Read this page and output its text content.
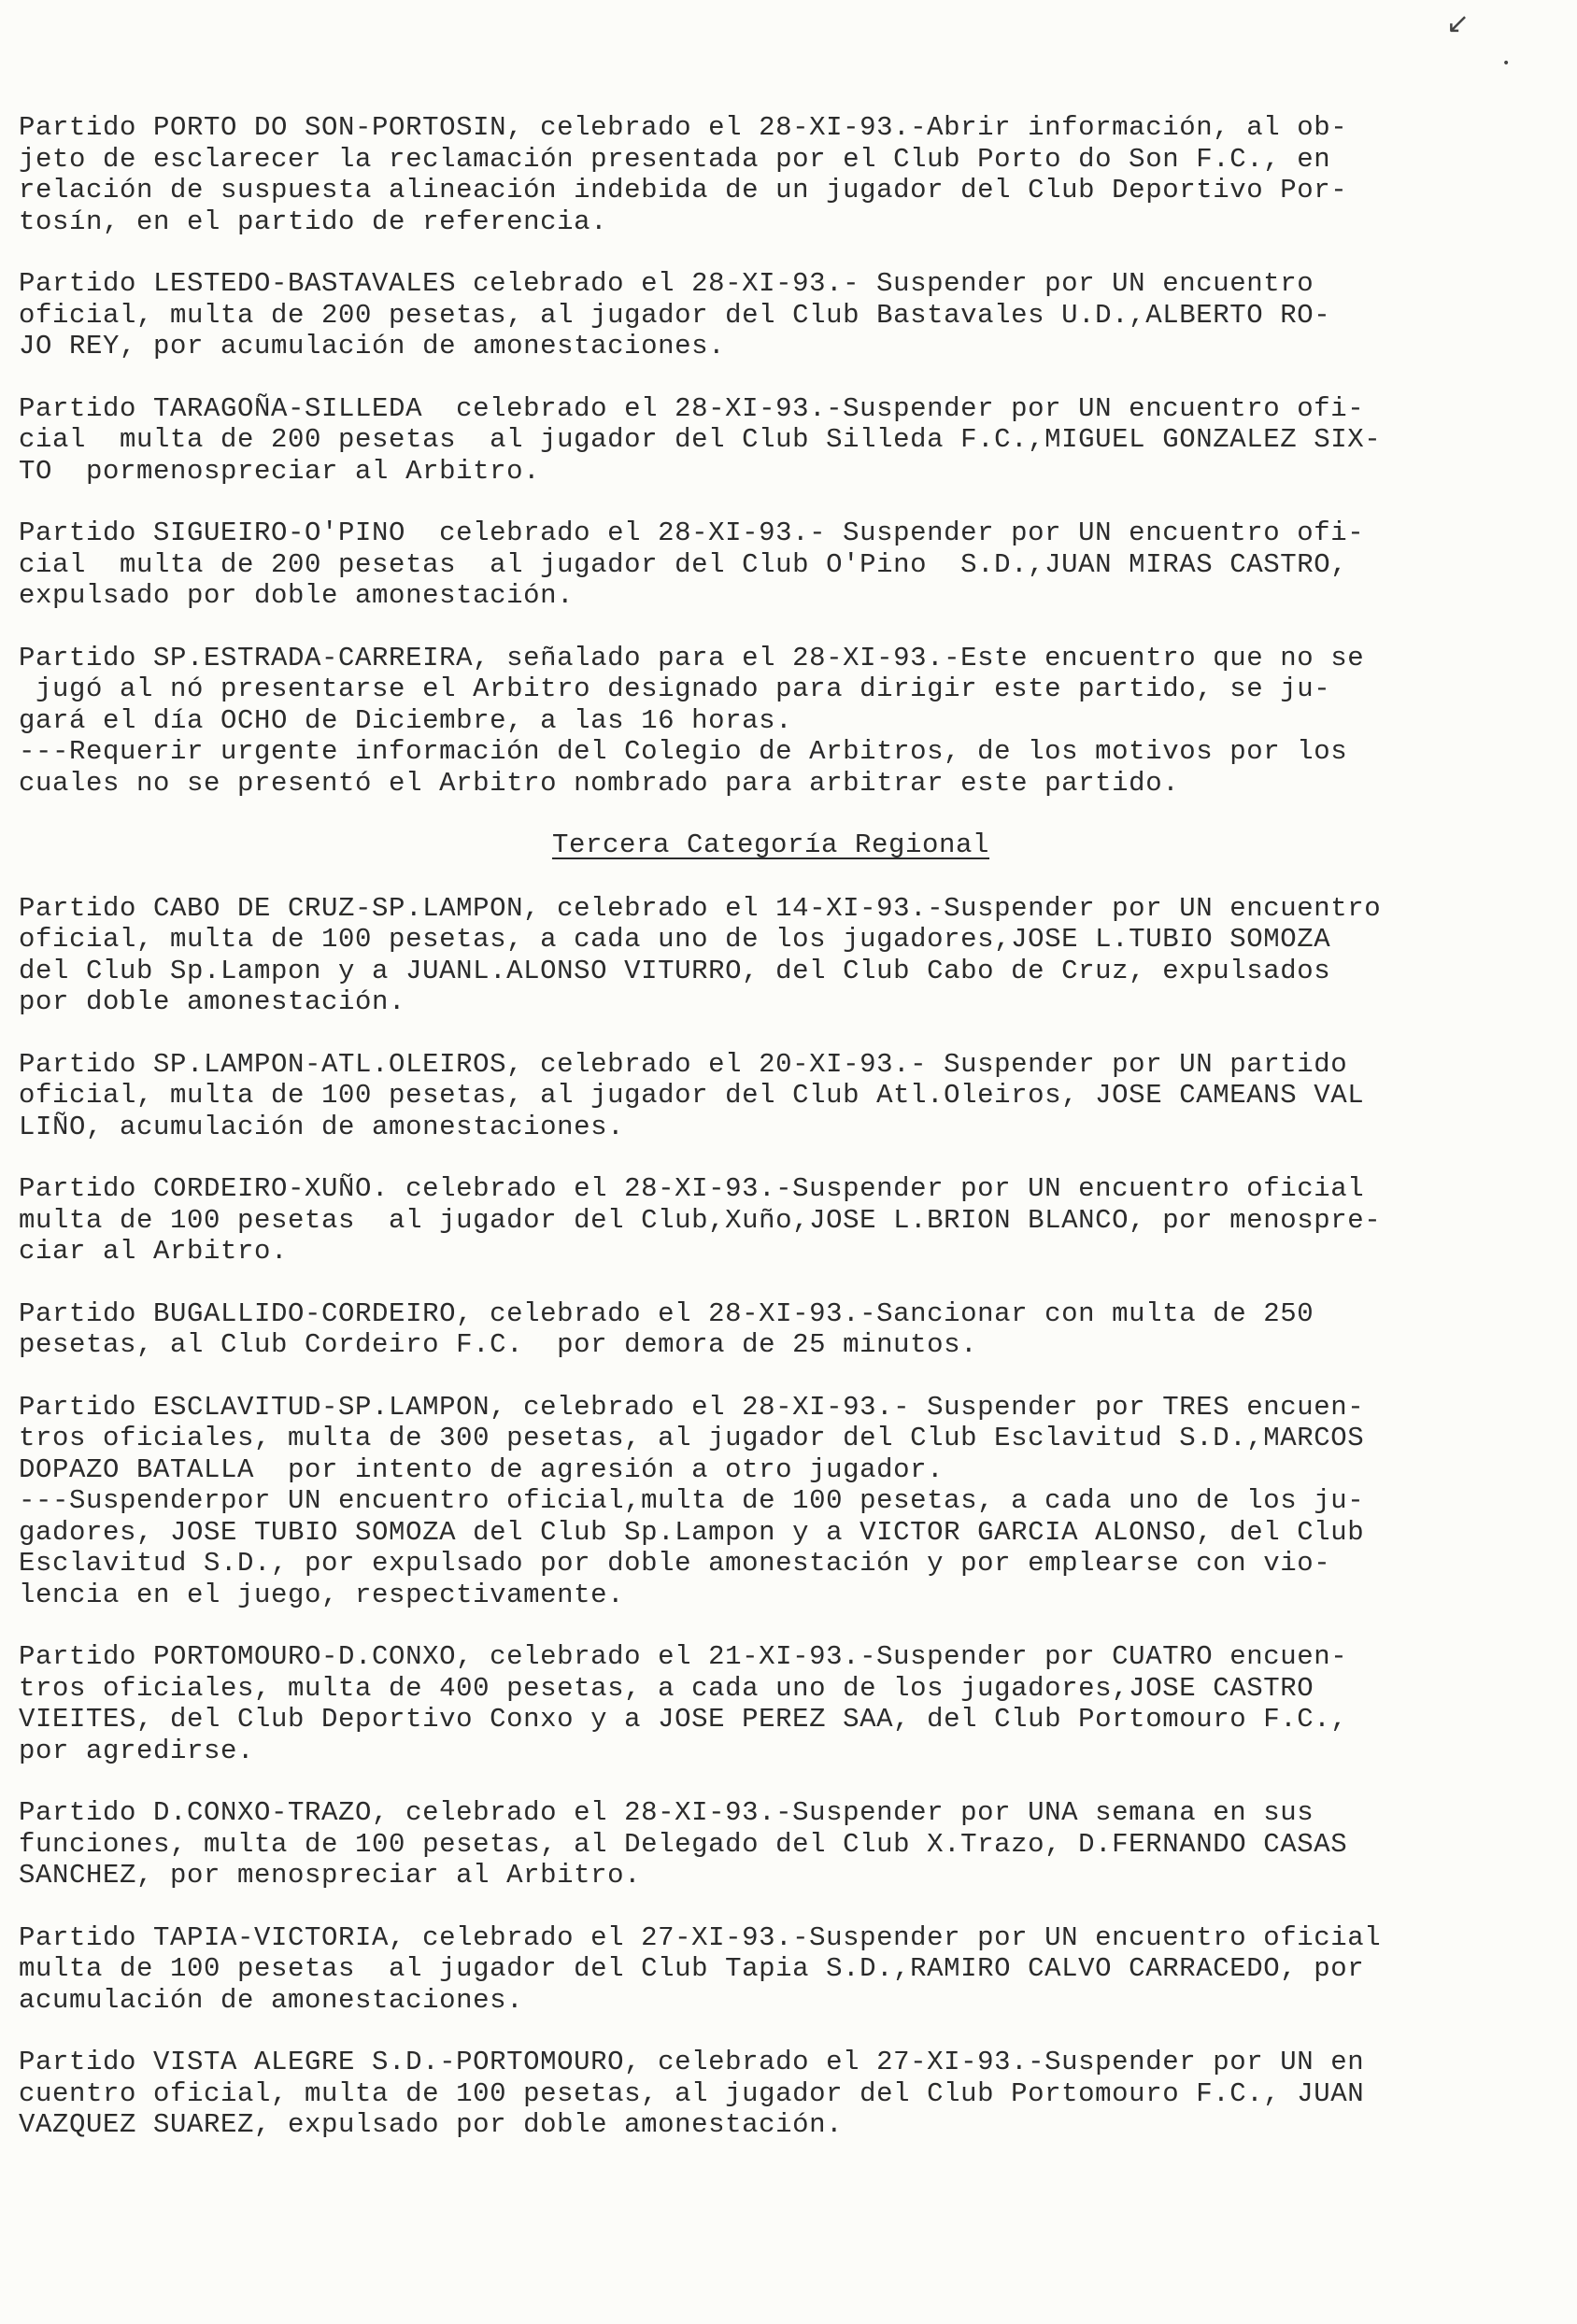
↙
•
Partido PORTO DO SON-PORTOSIN, celebrado el 28-XI-93.-Abrir información, al ob-
jeto de esclarecer la reclamación presentada por el Club Porto do Son F.C., en
relación de suspuesta alineación indebida de un jugador del Club Deportivo Por-
tosín, en el partido de referencia.
Partido LESTEDO-BASTAVALES celebrado el 28-XI-93.- Suspender por UN encuentro
oficial, multa de 200 pesetas, al jugador del Club Bastavales U.D.,ALBERTO RO-
JO REY, por acumulación de amonestaciones.
Partido TARAGOÑA-SILLEDA  celebrado el 28-XI-93.-Suspender por UN encuentro ofi-
cial  multa de 200 pesetas  al jugador del Club Silleda F.C.,MIGUEL GONZALEZ SIX-
TO  pormenospreciar al Arbitro.
Partido SIGUEIRO-O'PINO  celebrado el 28-XI-93.- Suspender por UN encuentro ofi-
cial  multa de 200 pesetas  al jugador del Club O'Pino  S.D.,JUAN MIRAS CASTRO,
expulsado por doble amonestación.
Partido SP.ESTRADA-CARREIRA, señalado para el 28-XI-93.-Este encuentro que no se
jugó al nó presentarse el Arbitro designado para dirigir este partido, se ju-
gará el día OCHO de Diciembre, a las 16 horas.
---Requerir urgente información del Colegio de Arbitros, de los motivos por los
cuales no se presentó el Arbitro nombrado para arbitrar este partido.
Tercera Categoría Regional
Partido CABO DE CRUZ-SP.LAMPON, celebrado el 14-XI-93.-Suspender por UN encuentro
oficial, multa de 100 pesetas, a cada uno de los jugadores,JOSE L.TUBIO SOMOZA
del Club Sp.Lampon y a JUANL.ALONSO VITURRO, del Club Cabo de Cruz, expulsados
por doble amonestación.
Partido SP.LAMPON-ATL.OLEIROS, celebrado el 20-XI-93.- Suspender por UN partido
oficial, multa de 100 pesetas, al jugador del Club Atl.Oleiros, JOSE CAMEANS VAL
LIÑO, acumulación de amonestaciones.
Partido CORDEIRO-XUÑO. celebrado el 28-XI-93.-Suspender por UN encuentro oficial
multa de 100 pesetas  al jugador del Club,Xuño,JOSE L.BRION BLANCO, por menospre-
ciar al Arbitro.
Partido BUGALLIDO-CORDEIRO, celebrado el 28-XI-93.-Sancionar con multa de 250
pesetas, al Club Cordeiro F.C.  por demora de 25 minutos.
Partido ESCLAVITUD-SP.LAMPON, celebrado el 28-XI-93.- Suspender por TRES encuen-
tros oficiales, multa de 300 pesetas, al jugador del Club Esclavitud S.D.,MARCOS
DOPAZO BATALLA  por intento de agresión a otro jugador.
---Suspenderpor UN encuentro oficial,multa de 100 pesetas, a cada uno de los ju-
gadores, JOSE TUBIO SOMOZA del Club Sp.Lampon y a VICTOR GARCIA ALONSO, del Club
Esclavitud S.D., por expulsado por doble amonestación y por emplearse con vio-
lencia en el juego, respectivamente.
Partido PORTOMOURO-D.CONXO, celebrado el 21-XI-93.-Suspender por CUATRO encuen-
tros oficiales, multa de 400 pesetas, a cada uno de los jugadores,JOSE CASTRO
VIEITES, del Club Deportivo Conxo y a JOSE PEREZ SAA, del Club Portomouro F.C.,
por agredirse.
Partido D.CONXO-TRAZO, celebrado el 28-XI-93.-Suspender por UNA semana en sus
funciones, multa de 100 pesetas, al Delegado del Club X.Trazo, D.FERNANDO CASAS
SANCHEZ, por menospreciar al Arbitro.
Partido TAPIA-VICTORIA, celebrado el 27-XI-93.-Suspender por UN encuentro oficial
multa de 100 pesetas  al jugador del Club Tapia S.D.,RAMIRO CALVO CARRACEDO, por
acumulación de amonestaciones.
Partido VISTA ALEGRE S.D.-PORTOMOURO, celebrado el 27-XI-93.-Suspender por UN en
cuentro oficial, multa de 100 pesetas, al jugador del Club Portomouro F.C., JUAN
VAZQUEZ SUAREZ, expulsado por doble amonestación.
